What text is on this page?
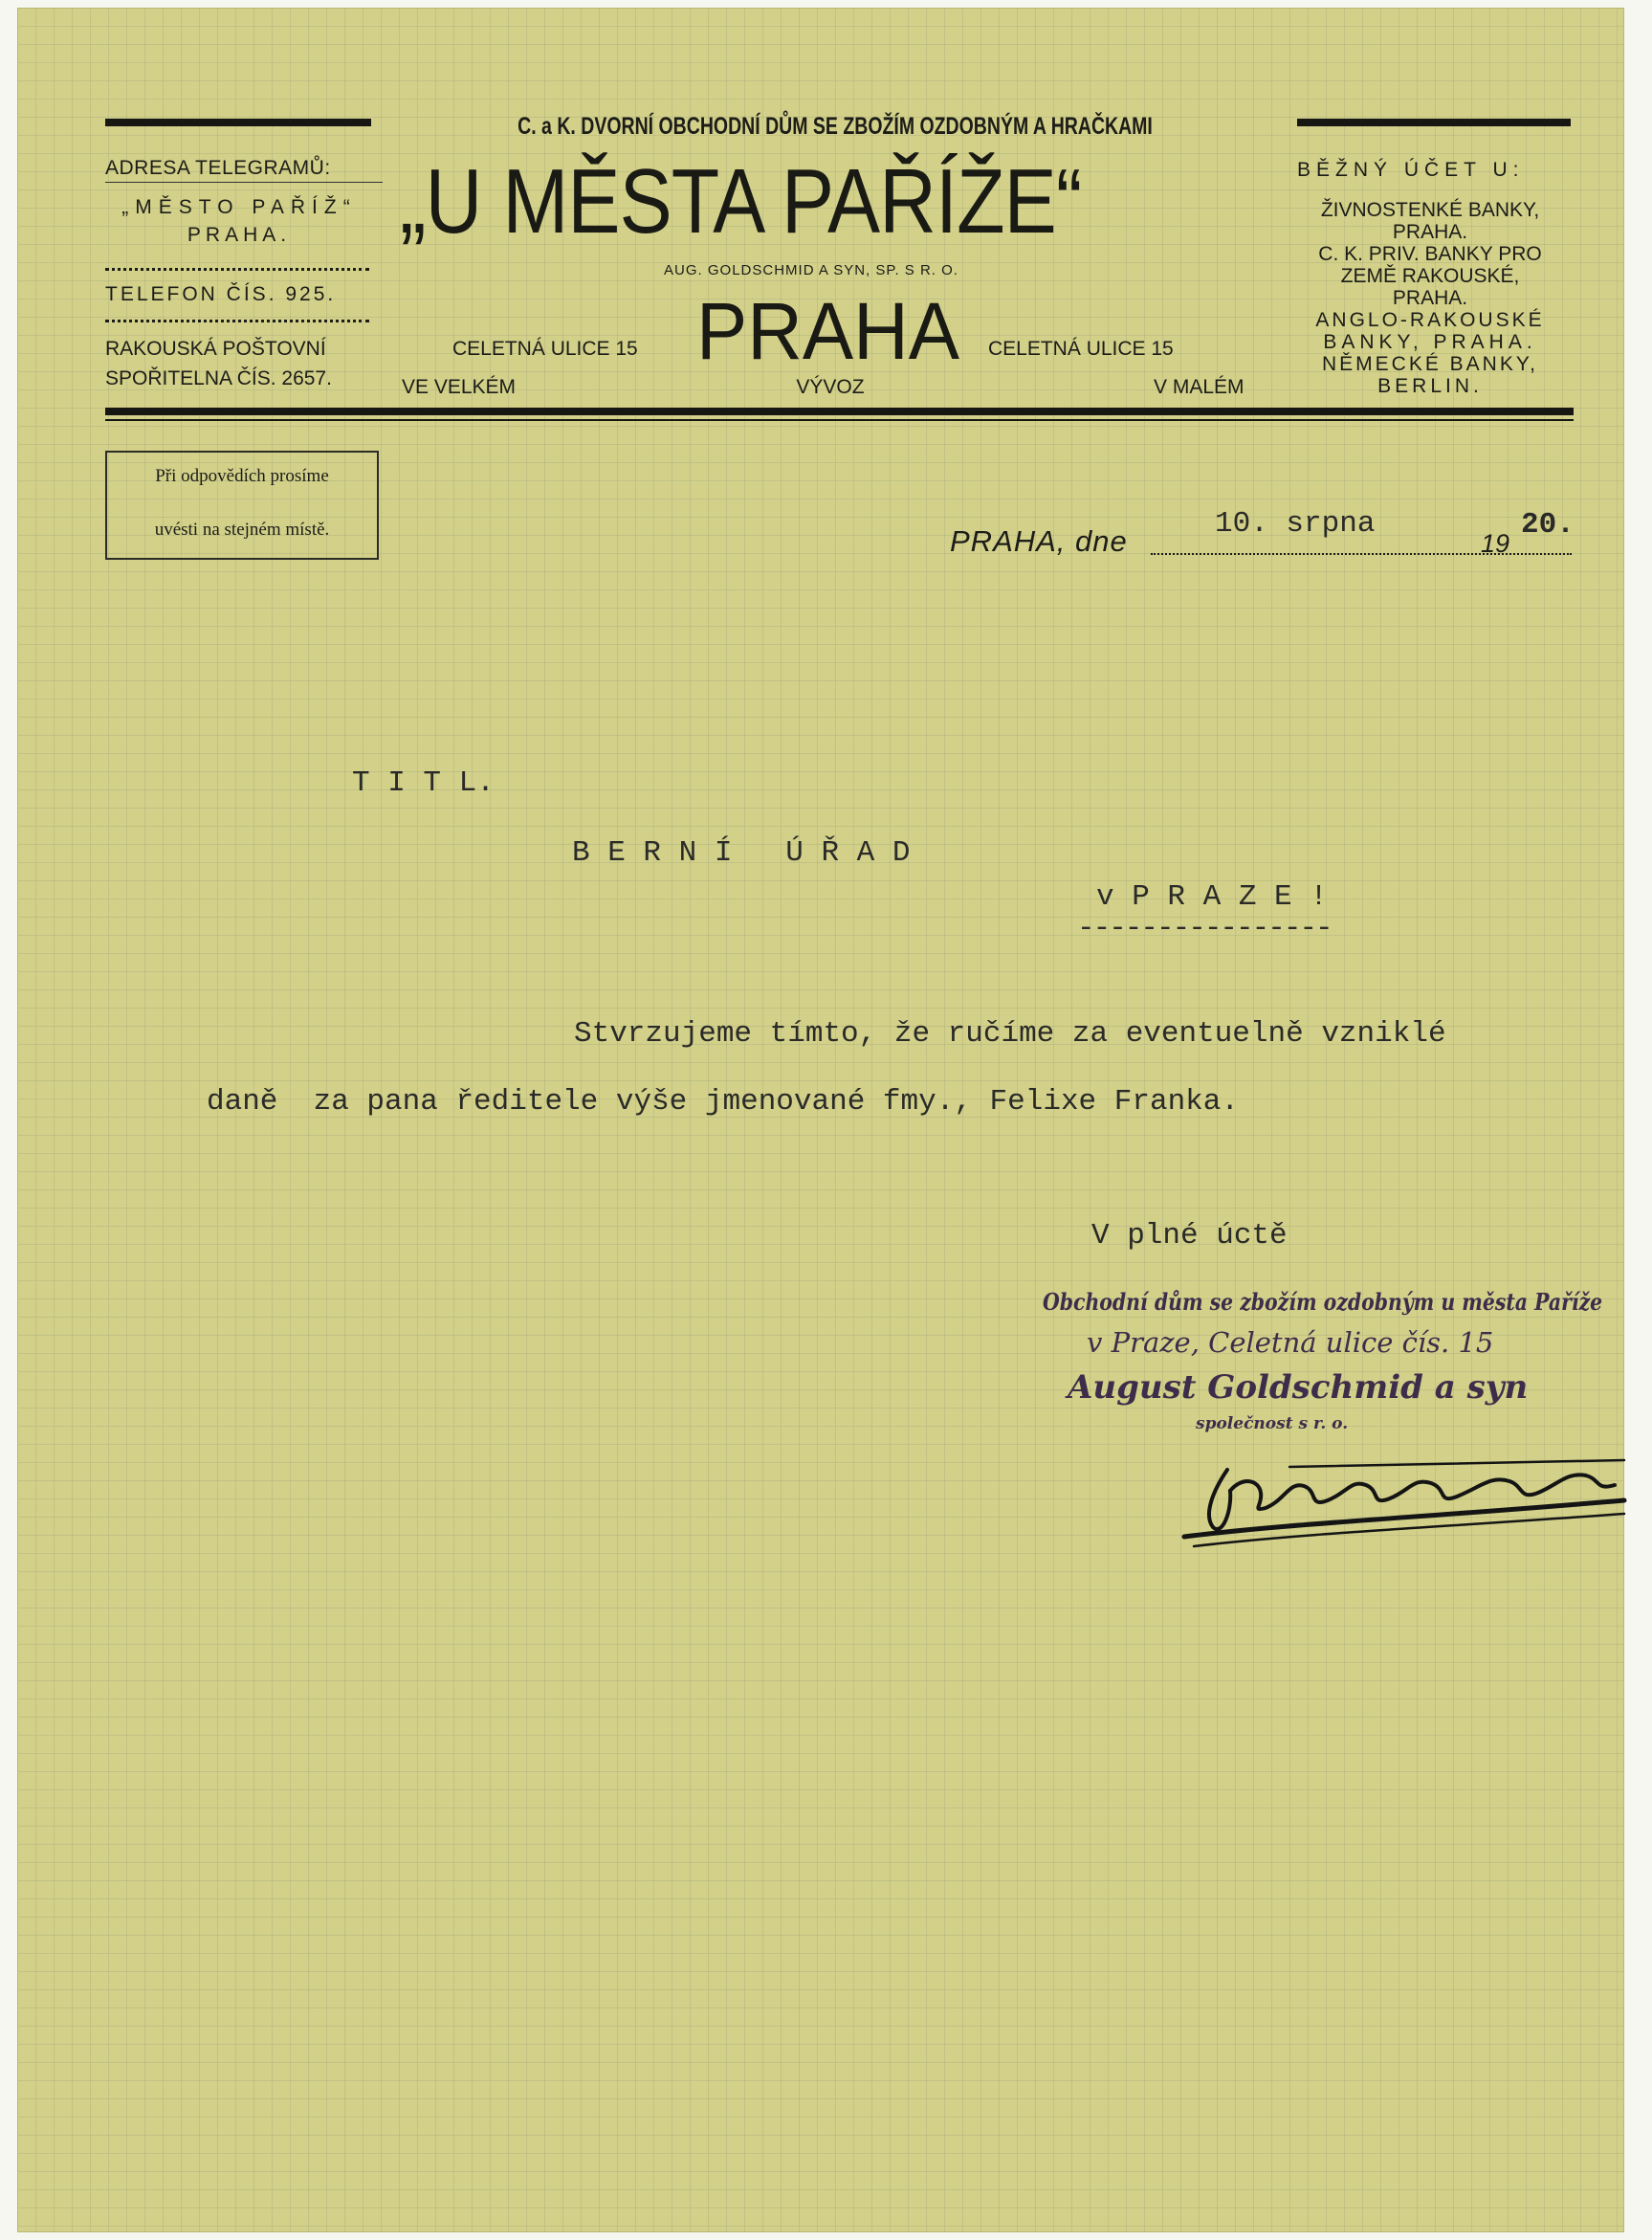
ADRESA TELEGRAMŮ:
„MĚSTO PAŘÍŽ“
PRAHA.
TELEFON ČÍS. 925.
RAKOUSKÁ POŠTOVNÍ
SPOŘITELNA ČÍS. 2657.
C. a K. DVORNÍ OBCHODNÍ DŮM SE ZBOŽÍM OZDOBNÝM A HRAČKAMI
„U MĚSTA PAŘÍŽE“
AUG. GOLDSCHMID A SYN, SP. S R. O.
CELETNÁ ULICE 15 PRAHA CELETNÁ ULICE 15
VE VELKÉM	VÝVOZ	V MALÉM
BĚŽNÝ ÚČET U:
ŽIVNOSTENKÉ BANKY,
PRAHA.
C. K. PRIV. BANKY PRO
ZEMĚ RAKOUSKÉ,
PRAHA.
ANGLO-RAKOUSKÉ
BANKY, PRAHA.
NĚMECKÉ BANKY,
BERLIN.
Při odpovědích prosíme
uvésti na stejném místě.	PRAHA, dne
10. srpna
19
20.
T I T L.
B E R N Í   Ú Ř A D
v P R A Z E !
----------------
Stvrzujeme tímto, že ručíme za eventuelně vzniklé
daně  za pana ředitele výše jmenované fmy., Felixe Franka.
V plné úctě
Obchodní dům se zbožím ozdobným u města Paříže
v Praze, Celetná ulice čís. 15
August Goldschmid a syn
společnost s r. o.
